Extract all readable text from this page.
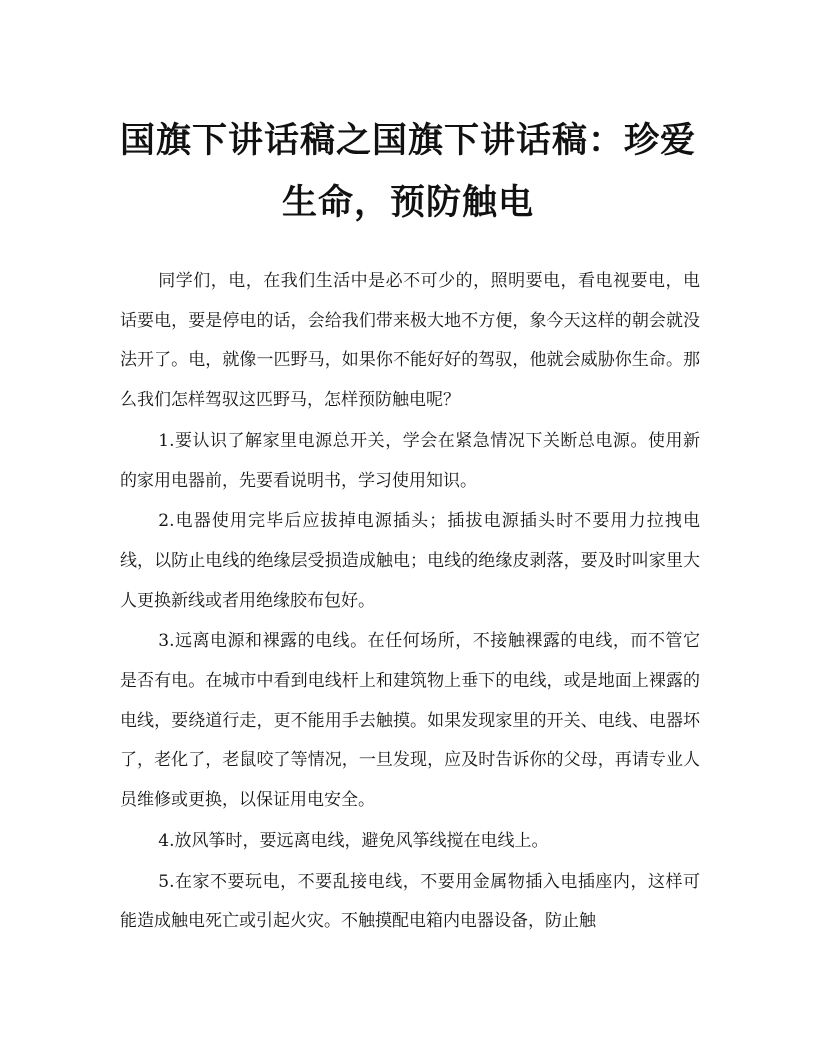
国旗下讲话稿之国旗下讲话稿：珍爱生命，预防触电

同学们，电，在我们生活中是必不可少的，照明要电，看电视要电，电话要电，要是停电的话，会给我们带来极大地不方便，象今天这样的朝会就没法开了。电，就像一匹野马，如果你不能好好的驾驭，他就会威胁你生命。那么我们怎样驾驭这匹野马，怎样预防触电呢？

1.要认识了解家里电源总开关，学会在紧急情况下关断总电源。使用新的家用电器前，先要看说明书，学习使用知识。

2.电器使用完毕后应拔掉电源插头；插拔电源插头时不要用力拉拽电线，以防止电线的绝缘层受损造成触电；电线的绝缘皮剥落，要及时叫家里大人更换新线或者用绝缘胶布包好。

3.远离电源和裸露的电线。在任何场所，不接触裸露的电线，而不管它是否有电。在城市中看到电线杆上和建筑物上垂下的电线，或是地面上裸露的电线，要绕道行走，更不能用手去触摸。如果发现家里的开关、电线、电器坏了，老化了，老鼠咬了等情况，一旦发现，应及时告诉你的父母，再请专业人员维修或更换，以保证用电安全。

4.放风筝时，要远离电线，避免风筝线搅在电线上。

5.在家不要玩电，不要乱接电线，不要用金属物插入电插座内，这样可能造成触电死亡或引起火灾。不触摸配电箱内电器设备，防止触
